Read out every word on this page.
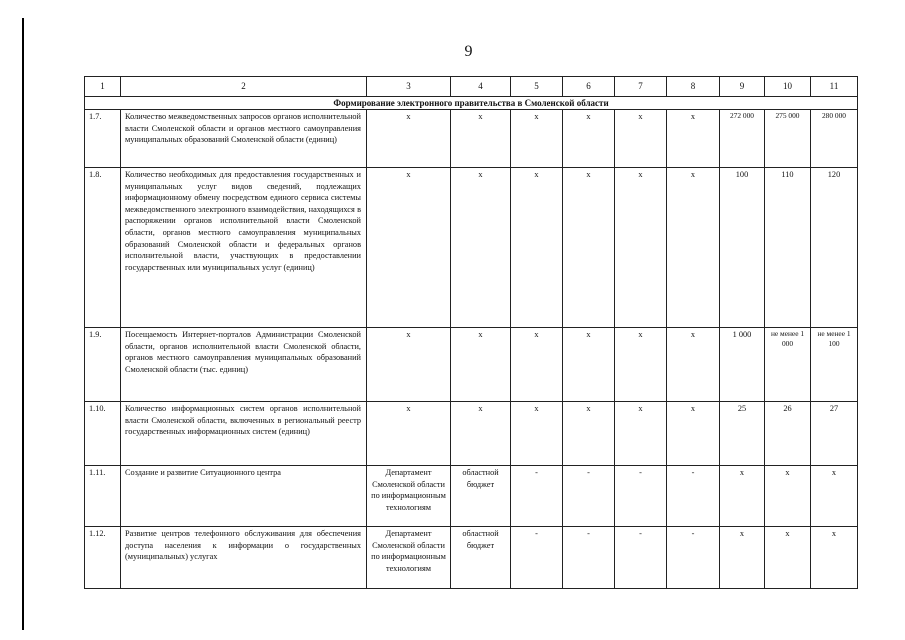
9
1	2	3	4	5	6	7	8	9	10	11
Формирование электронного правительства в Смоленской области										
1.7.	Количество межведомственных запросов органов исполнительной власти Смоленской области и органов местного самоуправления муниципальных образований Смоленской области (единиц)	х	х	х	х	х	х	272 000	275 000	280 000
1.8.	Количество необходимых для предоставления государственных и муниципальных услуг видов сведений, подлежащих информационному обмену посредством единого сервиса системы межведомственного электронного взаимодействия, находящихся в распоряжении органов исполнительной власти Смоленской области, органов местного самоуправления муниципальных образований Смоленской области и федеральных органов исполнительной власти, участвующих в предоставлении государственных или муниципальных услуг (единиц)	х	х	х	х	х	х	100	110	120
1.9.	Посещаемость Интернет-порталов Администрации Смоленской области, органов исполнительной власти Смоленской области, органов местного самоуправления муниципальных образований Смоленской области (тыс. единиц)	х	х	х	х	х	х	1 000	не менее 1 000	не менее 1 100
1.10.	Количество информационных систем органов исполнительной власти Смоленской области, включенных в региональный реестр государственных информационных систем (единиц)	х	х	х	х	х	х	25	26	27
1.11.	Создание и развитие Ситуационного центра	Департамент Смоленской области по информационным технологиям	областной бюджет	-	-	-	-	х	х	х
1.12.	Развитие центров телефонного обслуживания для обеспечения доступа населения к информации о государственных (муниципальных) услугах	Департамент Смоленской области по информационным технологиям	областной бюджет	-	-	-	-	х	х	х
